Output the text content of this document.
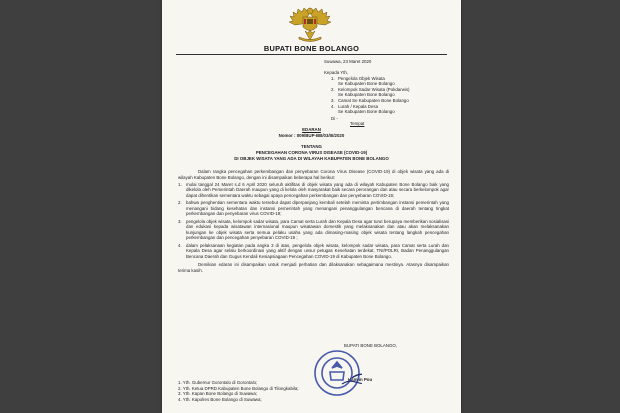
BUPATI BONE BOLANGO
Suwawa, 23 Maret 2020
Kepada Yth,
1. Pengelola Objek Wisata
Se Kabupaten Bone Bolango
2. Kelompok Sadar Wisata (Pokdarwis)
Se Kabupaten Bone Bolango
3. Camat Se Kabupaten Bone Bolango
4. Lurah / Kepala Desa
Se Kabupaten Bone Bolango
Di -
Tempat
EDARAN
Nomor : 009/BUP-BB/03/III/2020
TENTANG
PENCEGAHAN CORONA VIRUS DISEASE (COVID-19)
DI OBJEK WISATA YANG ADA DI WILAYAH KABUPATEN BONE BOLANGO

Dalam rangka pencegahan perkembangan dan penyebaran Corona Virus Disease (COVID-19) di objek wisata yang ada di wilayah Kabupaten Bone Bolango, dengan ini disampaikan beberapa hal berikut:

1. mulai tanggal 24 Maret s.d 6 April 2020 seluruh aktifitas di objek wisata yang ada di wilayah Kabupaten Bone Bolango baik yang dikelola oleh Pemerintah Daerah maupun yang di kelola oleh masyarakat baik secara perorangan dan atau secara berkelompok agar dapat dihentikan sementara waktu sebagai upaya pencegahan perkembangan dan penyebaran COVID-19;
2. bahwa penghentian sementara waktu tersebut dapat diperpanjang kembali setelah meminta pertimbangan instansi pemerintah yang menangani bidang kesehatan dan instansi pemerintah yang menangani penanggulangan bencana di daerah tentang tingkat perkembangan dan penyebaran virus COVID-19;
3. pengelola objek wisata, kelompok sadar wisata, para Camat serta Lurah dan Kepala Desa agar turut berupaya memberikan sosialisasi dan edukasi kepada wisatawan internasional maupun wisatawan domestik yang melaksanakan dan atau akan melaksanakan kunjungan ke objek wisata serta semua pelaku usaha yang ada dimasing-masing objek wisata tentang langkah pencegahan perkembangan dan pencegahan penyebaran COVID-19 ;
4. dalam pelaksanaan kegiatan pada angka 3 di atas, pengelola objek wisata, kelompok sadar wisata, para Camat serta Lurah dan Kepala Desa agar selalu berkoordinasi yang aktif dengan unsur petugas Kesehatan terdekat, TNI/POLRI, Badan Penanggulangan Bencana Daerah dan Gugus Kendali Kesiapsiagaan Pencegahan COVID-19 di Kabupaten Bone Bolango.

Demikian edaran ini disampaikan untuk menjadi perhatian dan dilaksanakan sebagaimana mestinya. Atasnya disampaikan terima kasih.

BUPATI BONE BOLANGO,
Hamim Pou
1. Yth. Gubernur Gorontalo di Gorontalo;
2. Yth. Ketua DPRD Kabupaten Bone Bolango di Tilongkabila;
3. Yth. Kapan Bone Bolango di Suwawa;
4. Yth. Kapolres Bone Bolango di Suwawa;
